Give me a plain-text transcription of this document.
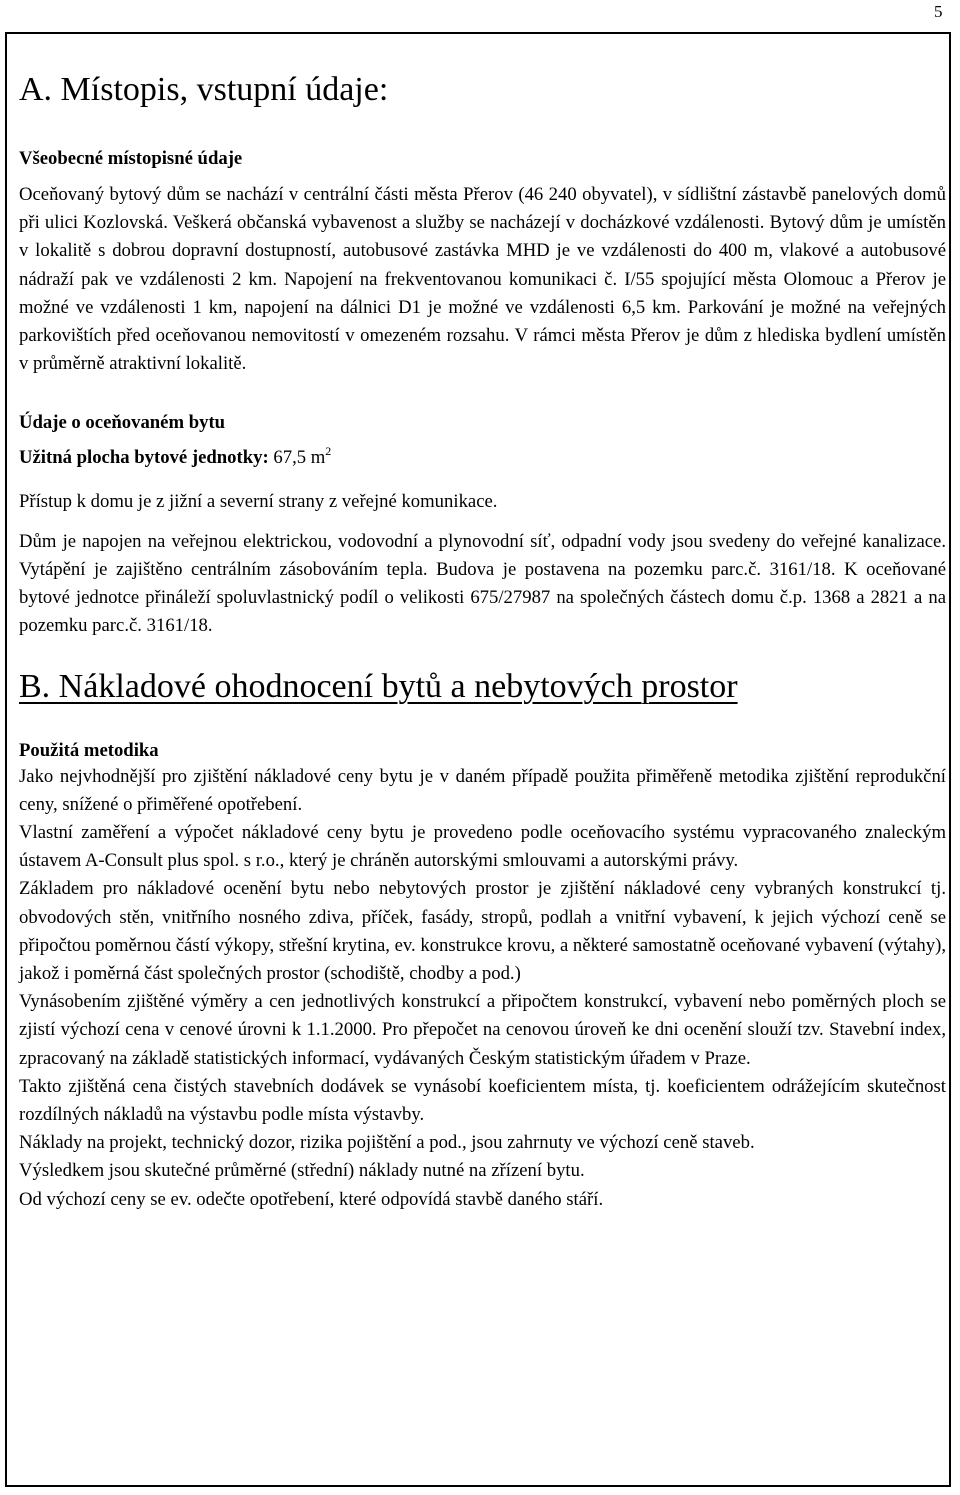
5
A. Místopis, vstupní údaje:

Všeobecné místopisné údaje

Oceňovaný bytový dům se nachází v centrální části města Přerov (46 240 obyvatel), v sídlištní zástavbě panelových domů při ulici Kozlovská. Veškerá občanská vybavenost a služby se nacházejí v docházkové vzdálenosti. Bytový dům je umístěn v lokalitě s dobrou dopravní dostupností, autobusové zastávka MHD je ve vzdálenosti do 400 m, vlakové a autobusové nádraží pak ve vzdálenosti 2 km. Napojení na frekventovanou komunikaci č. I/55 spojující města Olomouc a Přerov je možné ve vzdálenosti 1 km, napojení na dálnici D1 je možné ve vzdálenosti 6,5 km. Parkování je možné na veřejných parkovištích před oceňovanou nemovitostí v omezeném rozsahu. V rámci města Přerov je dům z hlediska bydlení umístěn v průměrně atraktivní lokalitě.

Údaje o oceňovaném bytu

Užitná plocha bytové jednotky: 67,5 $m^2$

Přístup k domu je z jižní a severní strany z veřejné komunikace.

Dům je napojen na veřejnou elektrickou, vodovodní a plynovodní síť, odpadní vody jsou svedeny do veřejné kanalizace. Vytápění je zajištěno centrálním zásobováním tepla. Budova je postavena na pozemku parc.č. 3161/18. K oceňované bytové jednotce přináleží spoluvlastnický podíl o velikosti 675/27987 na společných částech domu č.p. 1368 a 2821 a na pozemku parc.č. 3161/18.

B. Nákladové ohodnocení bytů a nebytových prostor

Použitá metodika

Jako nejvhodnější pro zjištění nákladové ceny bytu je v daném případě použita přiměřeně metodika zjištění reprodukční ceny, snížené o přiměřené opotřebení.

Vlastní zaměření a výpočet nákladové ceny bytu je provedeno podle oceňovacího systému vypracovaného znaleckým ústavem A-Consult plus spol. s r.o., který je chráněn autorskými smlouvami a autorskými právy.

Základem pro nákladové ocenění bytu nebo nebytových prostor je zjištění nákladové ceny vybraných konstrukcí tj. obvodových stěn, vnitřního nosného zdiva, příček, fasády, stropů, podlah a vnitřní vybavení, k jejich výchozí ceně se připočtou poměrnou částí výkopy, střešní krytina, ev. konstrukce krovu, a některé samostatně oceňované vybavení (výtahy), jakož i poměrná část společných prostor (schodiště, chodby a pod.)

Vynásobením zjištěné výměry a cen jednotlivých konstrukcí a připočtem konstrukcí, vybavení nebo poměrných ploch se zjistí výchozí cena v cenové úrovni k 1.1.2000. Pro přepočet na cenovou úroveň ke dni ocenění slouží tzv. Stavební index, zpracovaný na základě statistických informací, vydávaných Českým statistickým úřadem v Praze.

Takto zjištěná cena čistých stavebních dodávek se vynásobí koeficientem místa, tj. koeficientem odrážejícím skutečnost rozdílných nákladů na výstavbu podle místa výstavby.

Náklady na projekt, technický dozor, rizika pojištění a pod., jsou zahrnuty ve výchozí ceně staveb.

Výsledkem jsou skutečné průměrné (střední) náklady nutné na zřízení bytu.

Od výchozí ceny se ev. odečte opotřebení, které odpovídá stavbě daného stáří.
